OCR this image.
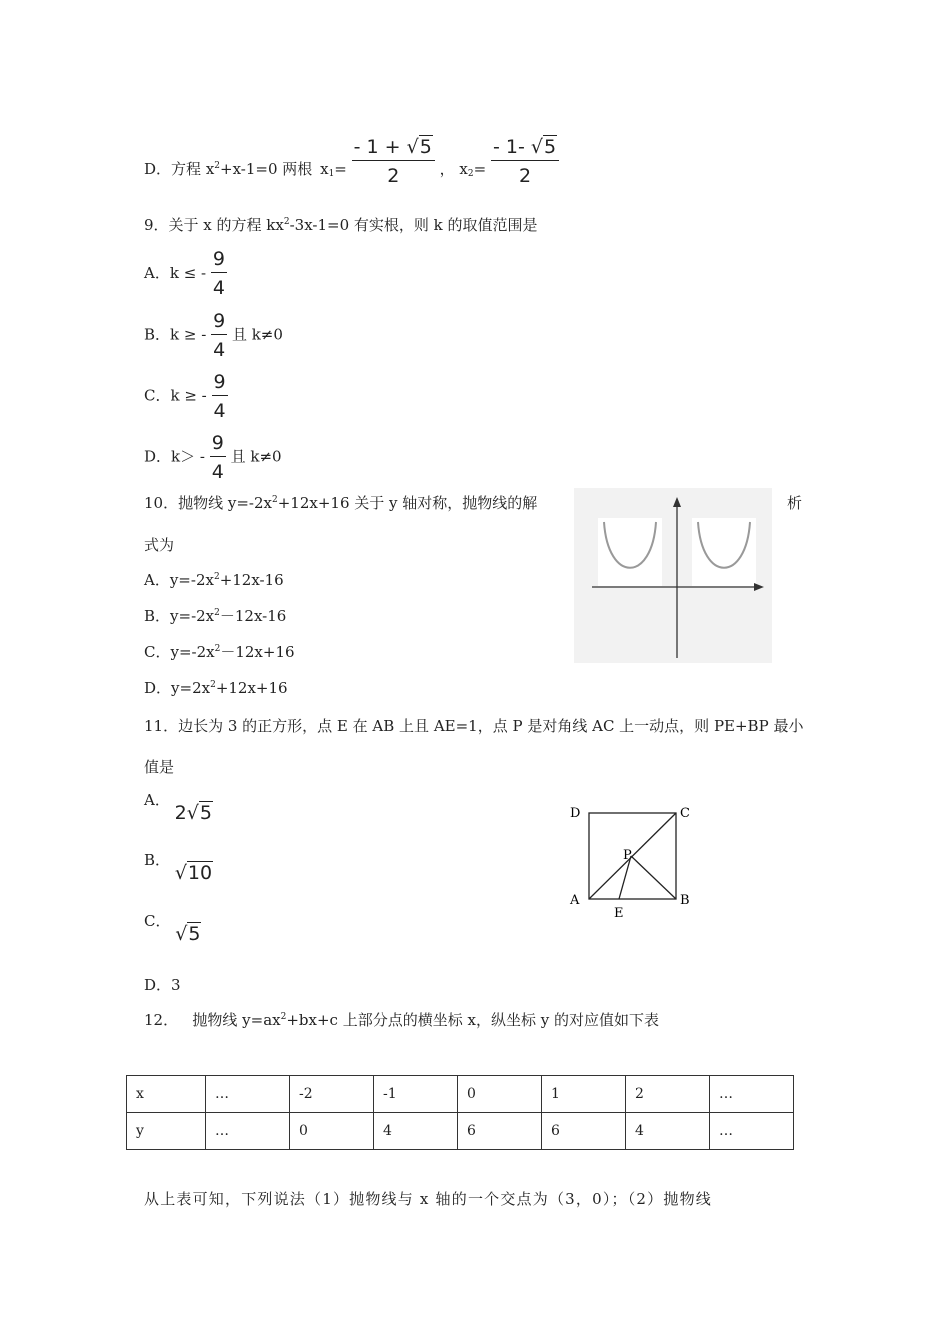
D．方程 $x^2+x-1=0$ 两根 $x_1= \frac{- 1 + √5}{2}$ ， $x_2= \frac{- 1- √5}{2}$
9．关于 x 的方程 $kx^2-3x-1=0$ 有实根，则 k 的取值范围是
A．k ≤ - $\frac{9}{4}$
B．k ≥ - $\frac{9}{4}$ 且 k≠0
C．k ≥ - $\frac{9}{4}$
D．$k> - \frac{9}{4}$ 且 k≠0
10．抛物线 $y=-2x^2+12x+16$ 关于 y 轴对称，抛物线的解	析
式为
A．$y=-2x^2+12x-16$
B．$y=-2x^2-12x-16$
C．$y=-2x^2-12x+16$
D．$y=2x^2+12x+16$
11．边长为 3 的正方形，点 E 在 AB 上且 AE=1，点 P 是对角线 AC 上一动点，则 PE+BP 最小
值是
A． 2√5
B． √10
C． √5
D．3
D	C
A	B
E
P
12．   抛物线 $y=ax^2+bx+c$ 上部分点的横坐标 x，纵坐标 y 的对应值如下表
x	…	-2	-1	0	1	2	…
y	…	0	4	6	6	4	…
从上表可知，下列说法（1）抛物线与 x 轴的一个交点为（3，0）；（2）抛物线
